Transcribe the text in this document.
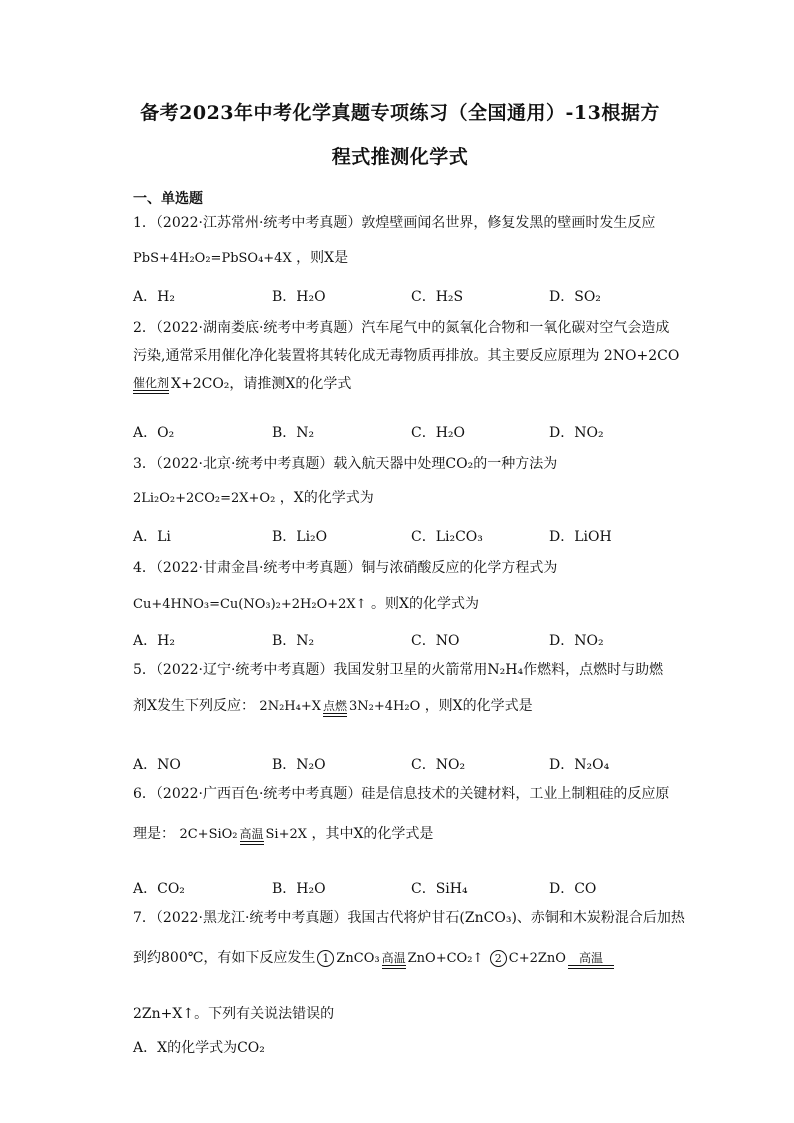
备考2023年中考化学真题专项练习（全国通用）-13根据方
程式推测化学式
一、单选题
1．（2022·江苏常州·统考中考真题）敦煌壁画闻名世界，修复发黑的壁画时发生反应
PbS+4H₂O₂=PbSO₄+4X ，则X是
A．H₂	B．H₂O	C．H₂S	D．SO₂
2．（2022·湖南娄底·统考中考真题）汽车尾气中的氮氧化合物和一氧化碳对空气会造成
污染,通常采用催化净化装置将其转化成无毒物质再排放。其主要反应原理为 2NO+2CO
催化剂 X+2CO₂，请推测X的化学式
A．O₂	B．N₂	C．H₂O	D．NO₂
3．（2022·北京·统考中考真题）载入航天器中处理CO₂的一种方法为
2Li₂O₂+2CO₂=2X+O₂ ，X的化学式为
A．Li	B．Li₂O	C．Li₂CO₃	D．LiOH
4．（2022·甘肃金昌·统考中考真题）铜与浓硝酸反应的化学方程式为
Cu+4HNO₃=Cu(NO₃)₂+2H₂O+2X↑ 。则X的化学式为
A．H₂	B．N₂	C．NO	D．NO₂
5．（2022·辽宁·统考中考真题）我国发射卫星的火箭常用N₂H₄作燃料，点燃时与助燃
剂X发生下列反应： 2N₂H₄+X 点燃 3N₂+4H₂O ，则X的化学式是
A．NO	B．N₂O	C．NO₂	D．N₂O₄
6．（2022·广西百色·统考中考真题）硅是信息技术的关键材料，工业上制粗硅的反应原
理是： 2C+SiO₂ 高温 Si+2X ，其中X的化学式是
A．CO₂	B．H₂O	C．SiH₄	D．CO
7．（2022·黑龙江·统考中考真题）我国古代将炉甘石(ZnCO₃)、赤铜和木炭粉混合后加热
到约800℃，有如下反应发生 1 ZnCO₃ 高温 ZnO+CO₂↑ 2 C+2ZnO	高温
2Zn+X↑。下列有关说法错误的
A．X的化学式为CO₂
